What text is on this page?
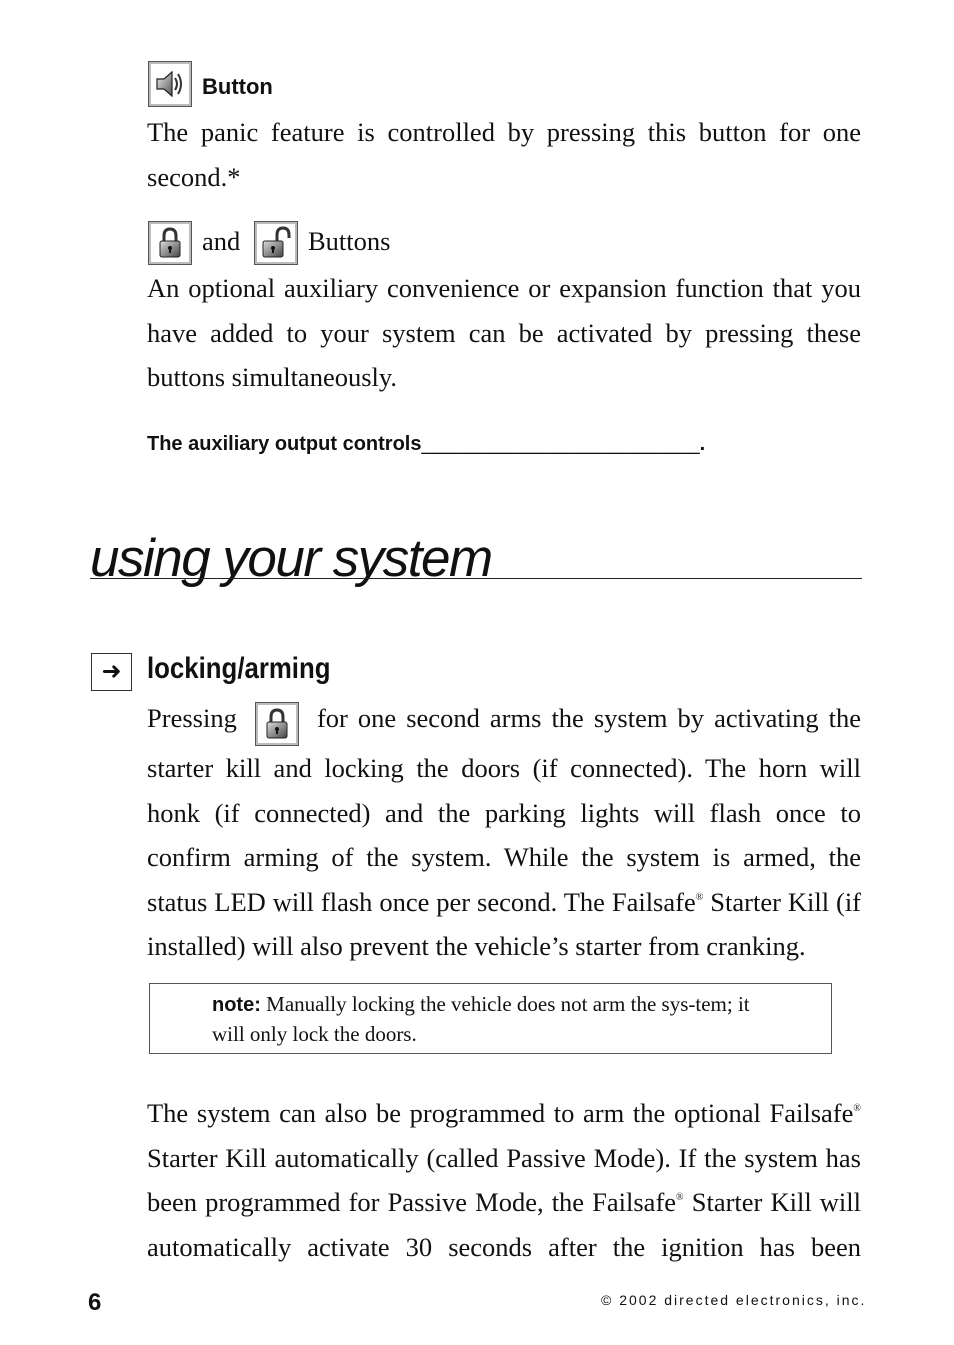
Button
The panic feature is controlled by pressing this button for one second.*
and	Buttons
An optional auxiliary convenience or expansion function that you have added to your system can be activated by pressing these buttons simultaneously.
The auxiliary output controls_________________________.
using your system
➜ locking/arming
Pressing	for one second arms the system by activating the starter kill and locking the doors (if connected). The horn will honk (if connected) and the parking lights will flash once to confirm arming of the system. While the system is armed, the status LED will flash once per second. The Failsafe® Starter Kill (if installed) will also prevent the vehicle’s starter from cranking.
note: Manually locking the vehicle does not arm the sys-tem; it will only lock the doors.
The system can also be programmed to arm the optional Failsafe® Starter Kill automatically (called Passive Mode). If the system has been programmed for Passive Mode, the Failsafe® Starter Kill will automatically activate 30 seconds after the ignition has been
6	© 2002 directed electronics, inc.
